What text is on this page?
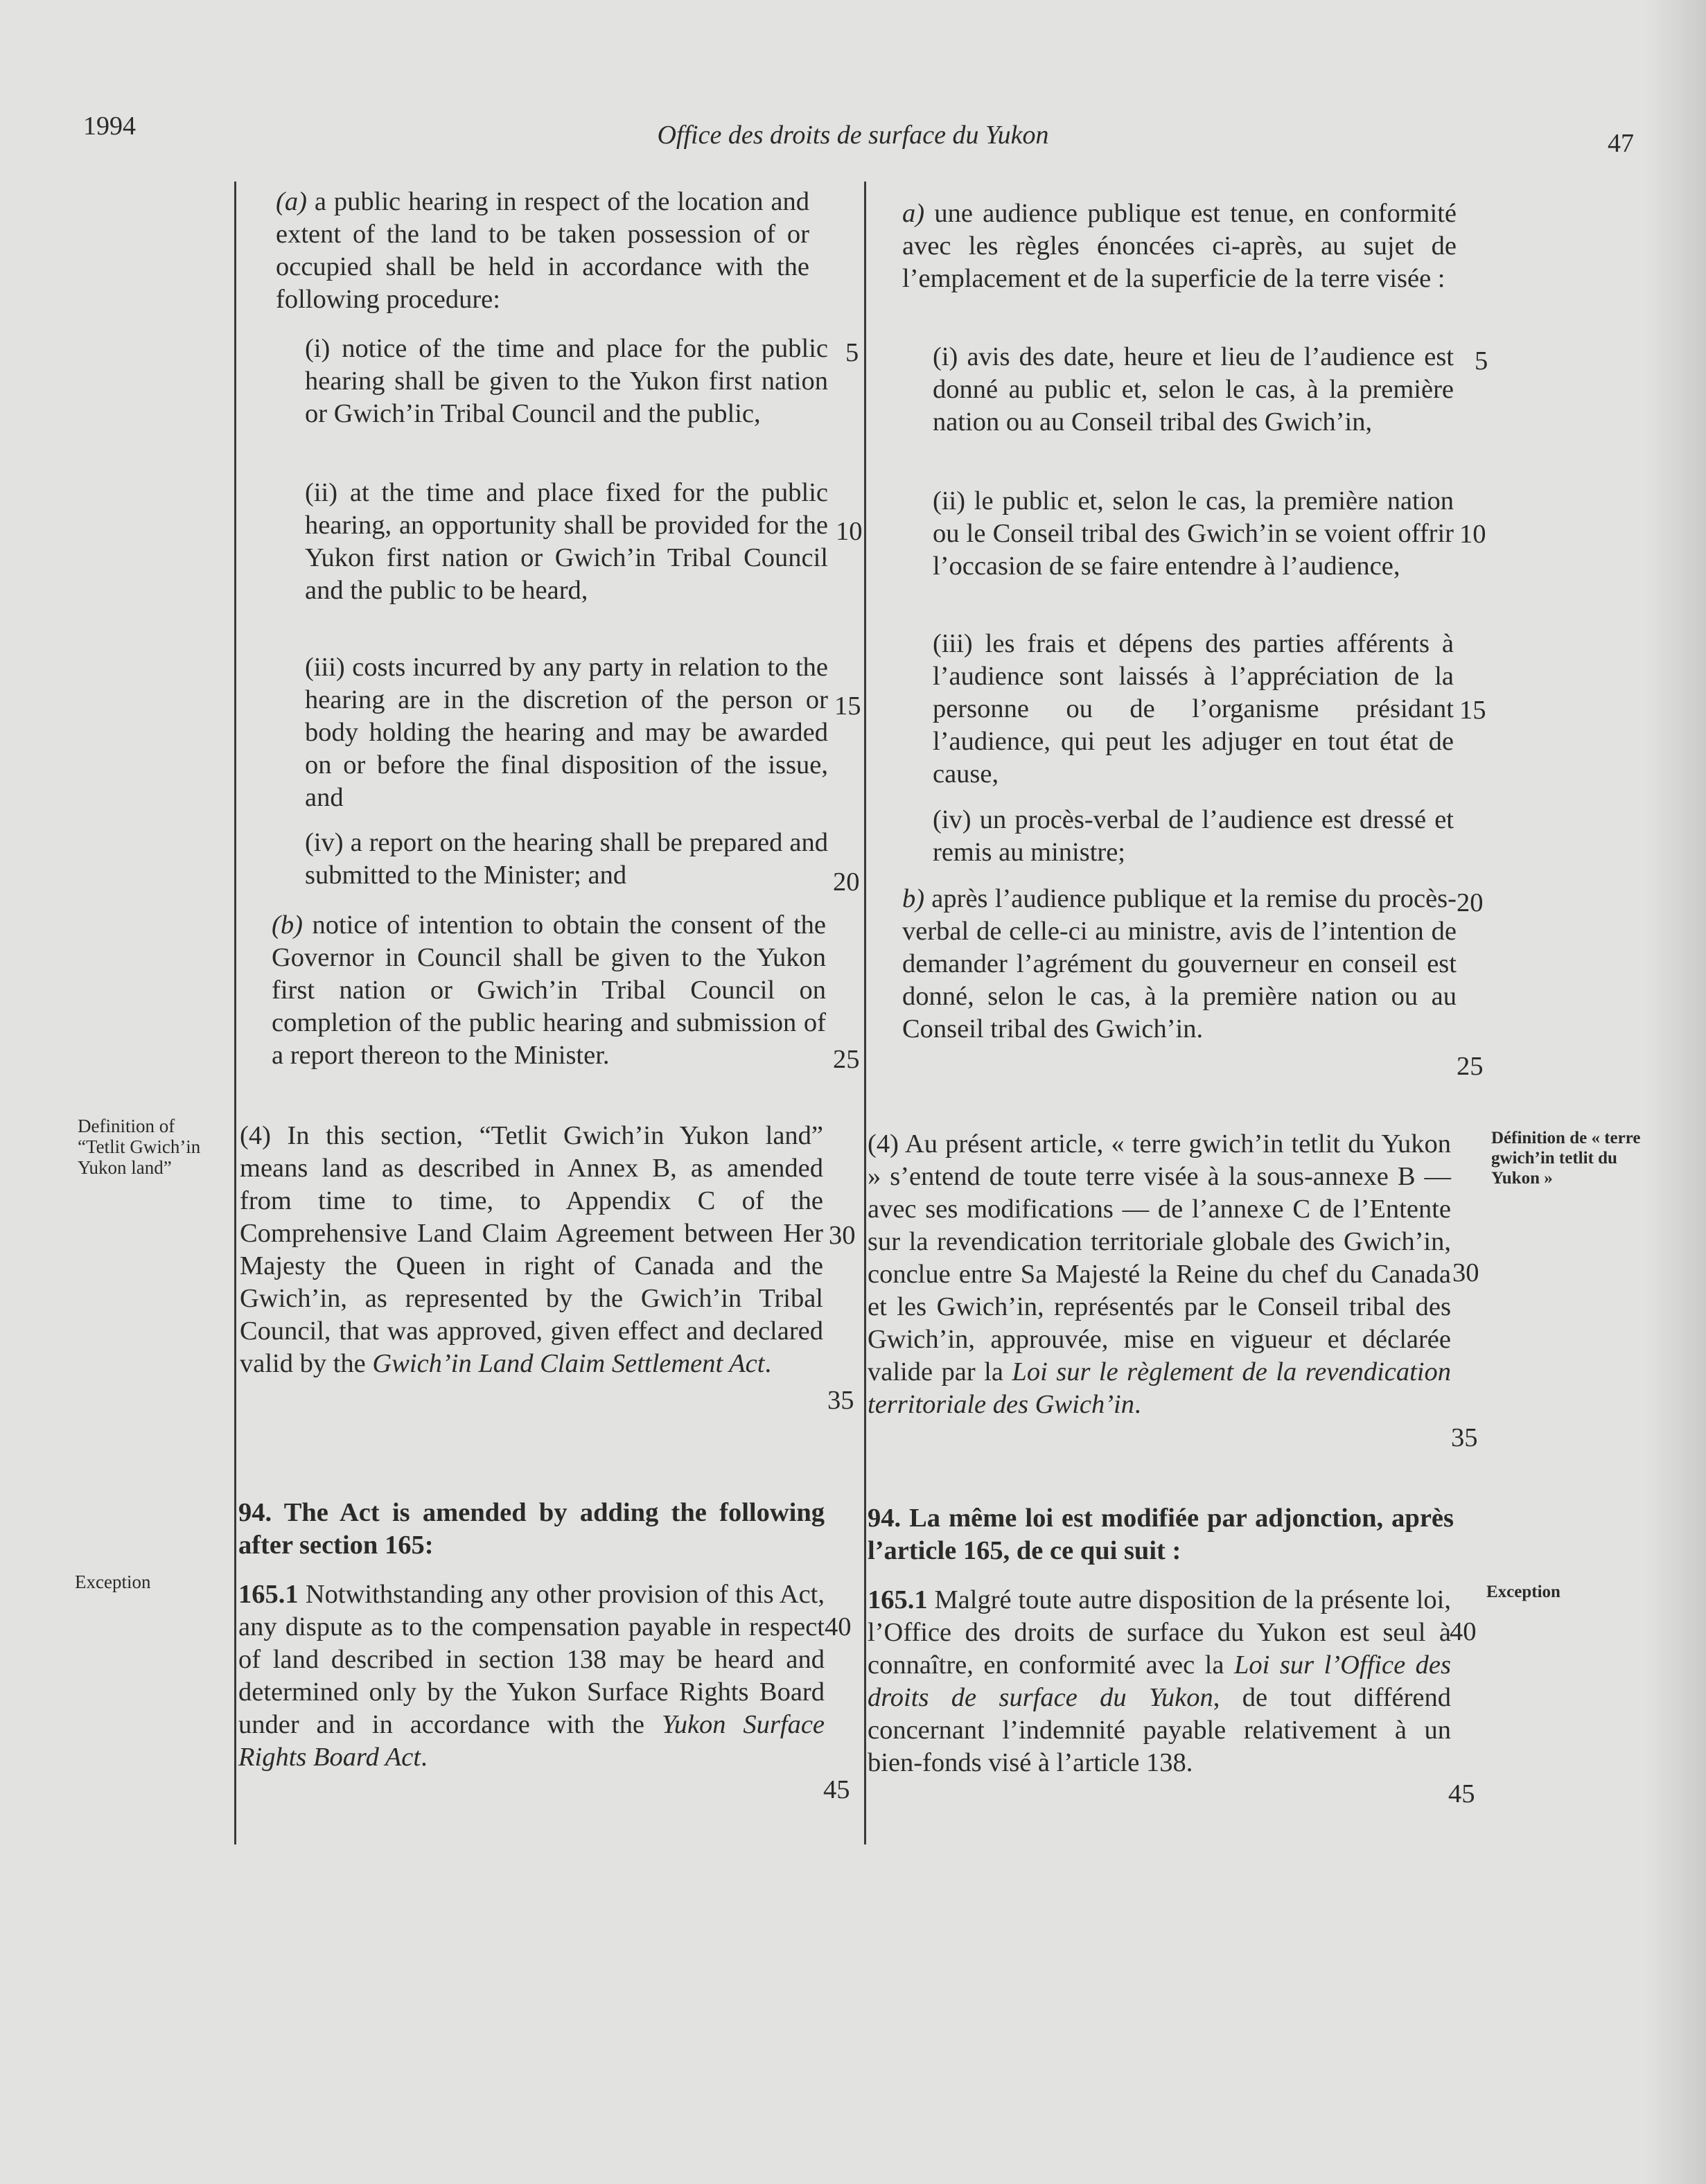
1994	Office des droits de surface du Yukon	47
Definition of “Tetlit Gwich’in Yukon land”
Exception
Définition de « terre gwich’in tetlit du Yukon »
Exception

(a) a public hearing in respect of the location and extent of the land to be taken possession of or occupied shall be held in accordance with the following procedure:

(i) notice of the time and place for the public hearing shall be given to the Yukon first nation or Gwich’in Tribal Council and the public,

(ii) at the time and place fixed for the public hearing, an opportunity shall be provided for the Yukon first nation or Gwich’in Tribal Council and the public to be heard,

(iii) costs incurred by any party in relation to the hearing are in the discretion of the person or body holding the hearing and may be awarded on or before the final disposition of the issue, and

(iv) a report on the hearing shall be prepared and submitted to the Minister; and

(b) notice of intention to obtain the consent of the Governor in Council shall be given to the Yukon first nation or Gwich’in Tribal Council on completion of the public hearing and submission of a report thereon to the Minister.

(4) In this section, “Tetlit Gwich’in Yukon land” means land as described in Annex B, as amended from time to time, to Appendix C of the Comprehensive Land Claim Agreement between Her Majesty the Queen in right of Canada and the Gwich’in, as represented by the Gwich’in Tribal Council, that was approved, given effect and declared valid by the Gwich’in Land Claim Settlement Act.

94. The Act is amended by adding the following after section 165:

165.1 Notwithstanding any other provision of this Act, any dispute as to the compensation payable in respect of land described in section 138 may be heard and determined only by the Yukon Surface Rights Board under and in accordance with the Yukon Surface Rights Board Act.

5
10
15
20
25
30
35
40
45

a) une audience publique est tenue, en conformité avec les règles énoncées ci-après, au sujet de l’emplacement et de la superficie de la terre visée :

(i) avis des date, heure et lieu de l’audience est donné au public et, selon le cas, à la première nation ou au Conseil tribal des Gwich’in,

(ii) le public et, selon le cas, la première nation ou le Conseil tribal des Gwich’in se voient offrir l’occasion de se faire entendre à l’audience,

(iii) les frais et dépens des parties afférents à l’audience sont laissés à l’appréciation de la personne ou de l’organisme présidant l’audience, qui peut les adjuger en tout état de cause,

(iv) un procès-verbal de l’audience est dressé et remis au ministre;

b) après l’audience publique et la remise du procès-verbal de celle-ci au ministre, avis de l’intention de demander l’agrément du gouverneur en conseil est donné, selon le cas, à la première nation ou au Conseil tribal des Gwich’in.

(4) Au présent article, « terre gwich’in tetlit du Yukon » s’entend de toute terre visée à la sous-annexe B — avec ses modifications — de l’annexe C de l’Entente sur la revendication territoriale globale des Gwich’in, conclue entre Sa Majesté la Reine du chef du Canada et les Gwich’in, représentés par le Conseil tribal des Gwich’in, approuvée, mise en vigueur et déclarée valide par la Loi sur le règlement de la revendication territoriale des Gwich’in.

94. La même loi est modifiée par adjonction, après l’article 165, de ce qui suit :

165.1 Malgré toute autre disposition de la présente loi, l’Office des droits de surface du Yukon est seul à connaître, en conformité avec la Loi sur l’Office des droits de surface du Yukon, de tout différend concernant l’indemnité payable relativement à un bien-fonds visé à l’article 138.

5
10
15
20
25
30
35
40
45
